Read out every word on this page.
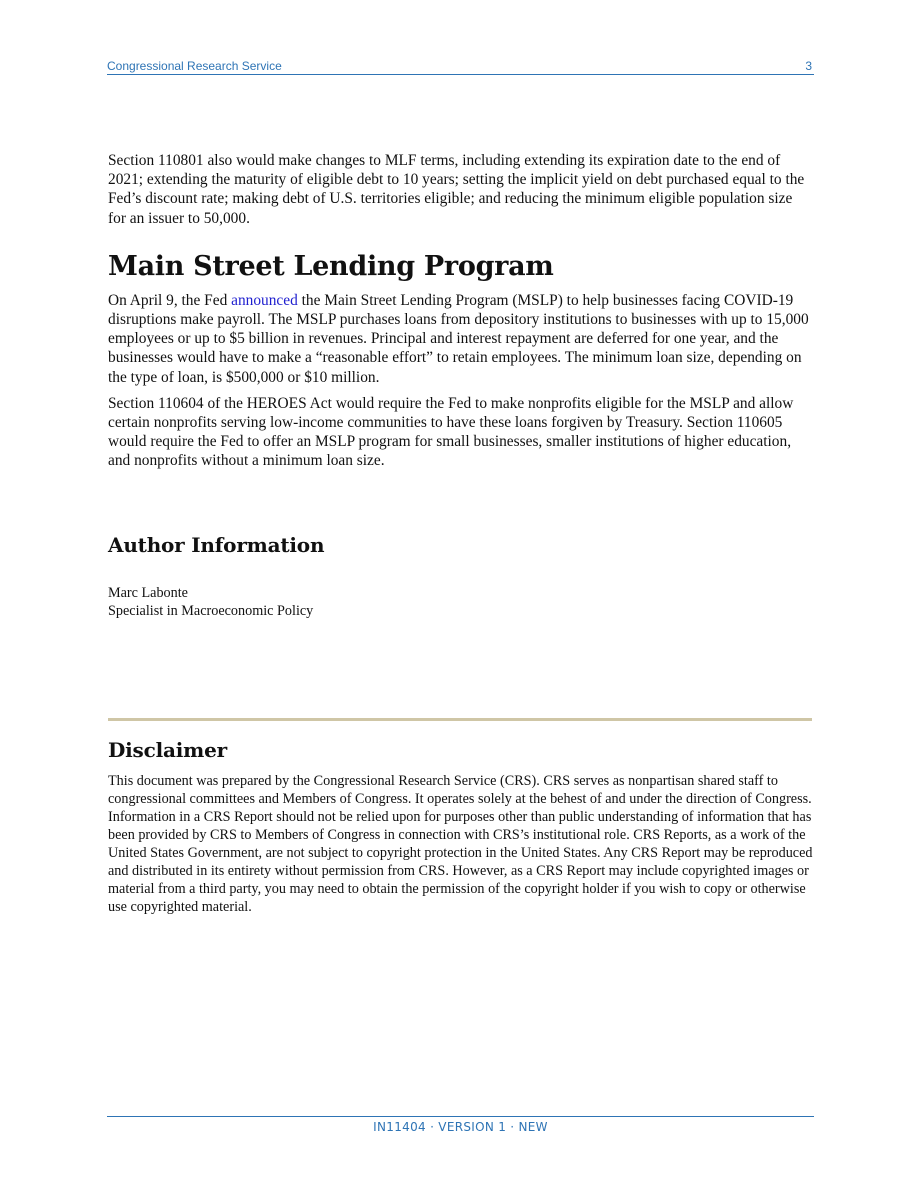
Congressional Research Service	3

Section 110801 also would make changes to MLF terms, including extending its expiration date to the end of 2021; extending the maturity of eligible debt to 10 years; setting the implicit yield on debt purchased equal to the Fed’s discount rate; making debt of U.S. territories eligible; and reducing the minimum eligible population size for an issuer to 50,000.

Main Street Lending Program

On April 9, the Fed announced the Main Street Lending Program (MSLP) to help businesses facing COVID-19 disruptions make payroll. The MSLP purchases loans from depository institutions to businesses with up to 15,000 employees or up to $5 billion in revenues. Principal and interest repayment are deferred for one year, and the businesses would have to make a “reasonable effort” to retain employees. The minimum loan size, depending on the type of loan, is $500,000 or $10 million.

Section 110604 of the HEROES Act would require the Fed to make nonprofits eligible for the MSLP and allow certain nonprofits serving low-income communities to have these loans forgiven by Treasury. Section 110605 would require the Fed to offer an MSLP program for small businesses, smaller institutions of higher education, and nonprofits without a minimum loan size.

Author Information
Marc Labonte
Specialist in Macroeconomic Policy
Disclaimer
This document was prepared by the Congressional Research Service (CRS). CRS serves as nonpartisan shared staff to congressional committees and Members of Congress. It operates solely at the behest of and under the direction of Congress. Information in a CRS Report should not be relied upon for purposes other than public understanding of information that has been provided by CRS to Members of Congress in connection with CRS’s institutional role. CRS Reports, as a work of the United States Government, are not subject to copyright protection in the United States. Any CRS Report may be reproduced and distributed in its entirety without permission from CRS. However, as a CRS Report may include copyrighted images or material from a third party, you may need to obtain the permission of the copyright holder if you wish to copy or otherwise use copyrighted material.
IN11404 · VERSION 1 · NEW
